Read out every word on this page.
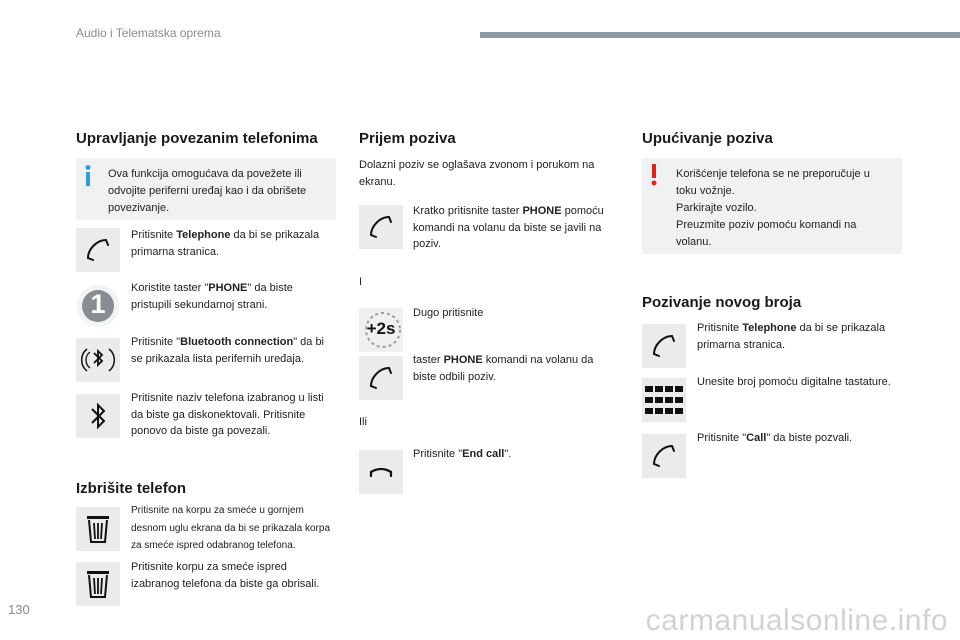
Audio i Telematska oprema
Upravljanje povezanim telefonima
Ova funkcija omogućava da povežete ili odvojite periferni uređaj kao i da obrišete povezivanje.
Pritisnite Telephone da bi se prikazala primarna stranica.
1
Koristite taster "PHONE" da biste pristupili sekundarnoj strani.
Pritisnite "Bluetooth connection" da bi se prikazala lista perifernih uređaja.
Pritisnite naziv telefona izabranog u listi da biste ga diskonektovali. Pritisnite ponovo da biste ga povezali.
Izbrišite telefon
Pritisnite na korpu za smeće u gornjem desnom uglu ekrana da bi se prikazala korpa za smeće ispred odabranog telefona.
Pritisnite korpu za smeće ispred izabranog telefona da biste ga obrisali.
Prijem poziva
Dolazni poziv se oglašava zvonom i porukom na ekranu.
Kratko pritisnite taster PHONE pomoću komandi na volanu da biste se javili na poziv.
I
+2s
Dugo pritisnite
taster PHONE komandi na volanu da biste odbili poziv.
Ili
Pritisnite "End call".
Upućivanje poziva
Korišćenje telefona se ne preporučuje u toku vožnje.
Parkirajte vozilo.
Preuzmite poziv pomoću komandi na volanu.
Pozivanje novog broja
Pritisnite Telephone da bi se prikazala primarna stranica.
Unesite broj pomoću digitalne tastature.
Pritisnite "Call" da biste pozvali.
130	carmanualsonline.info
